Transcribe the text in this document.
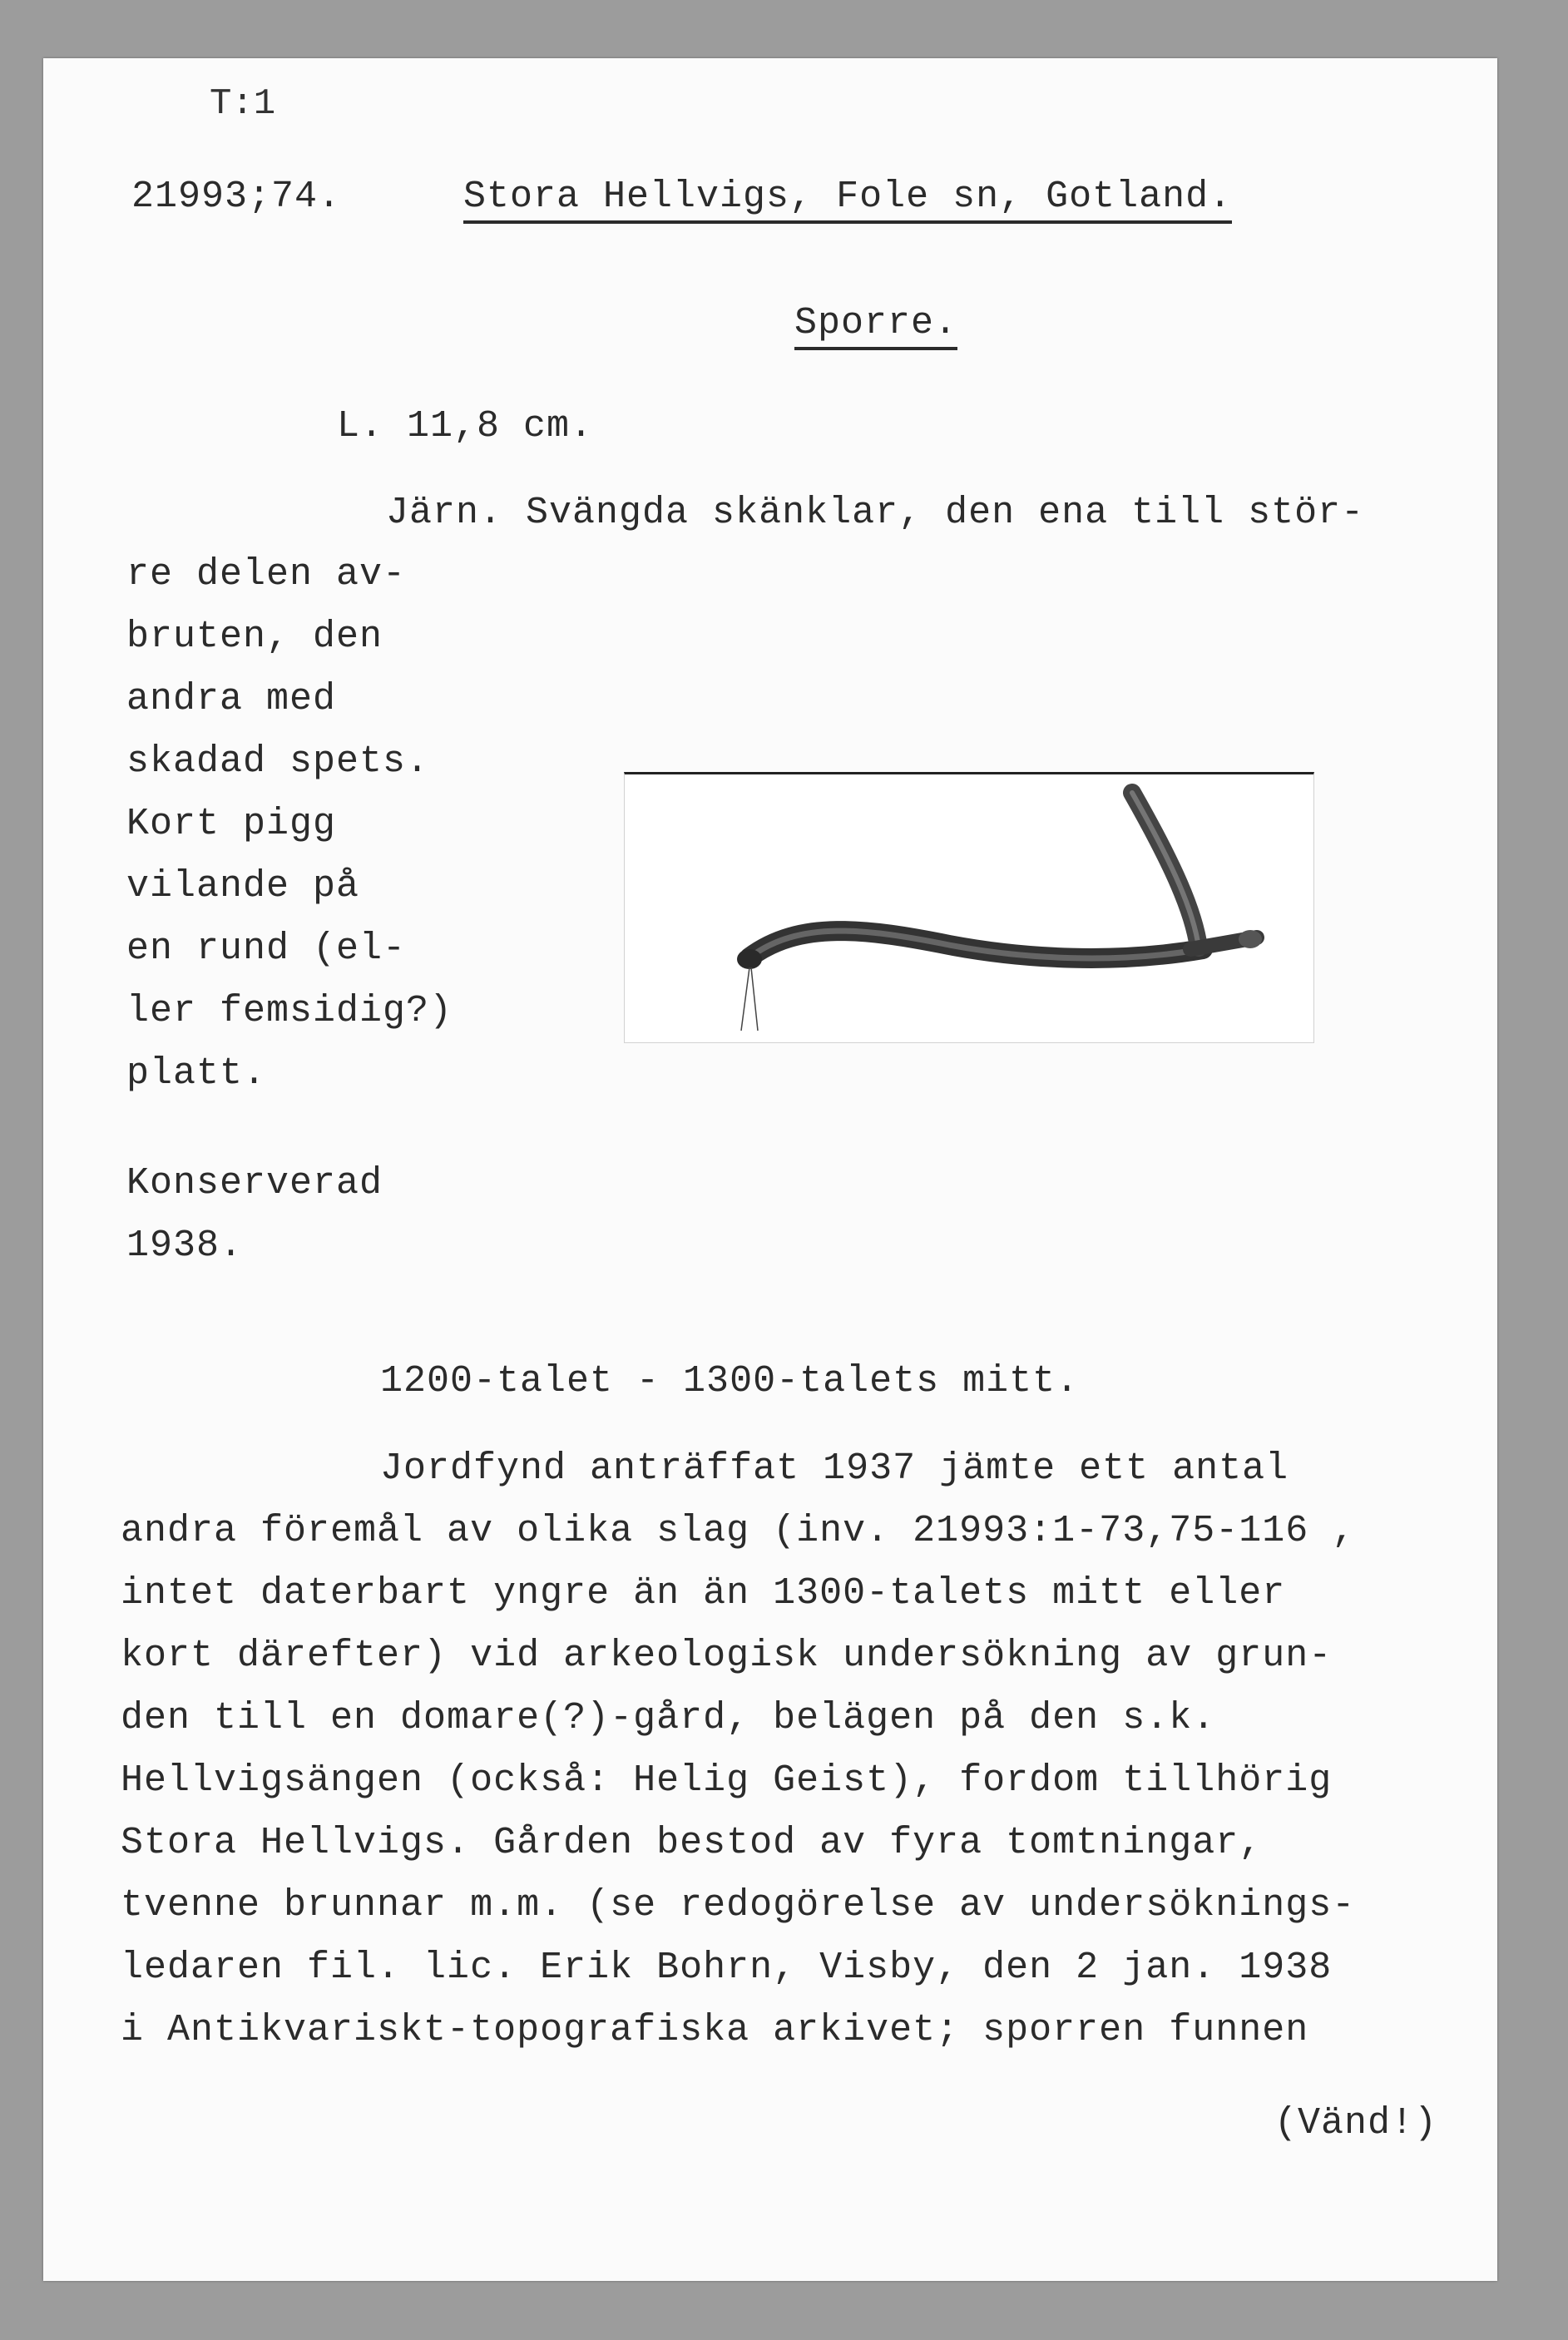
T:1
21993;74.	Stora Hellvigs, Fole sn, Gotland.
Sporre.
L. 11,8 cm.
Järn. Svängda skänklar, den ena till stör-
re delen av-
bruten, den
andra med
skadad spets.
Kort pigg
vilande på
en rund (el-
ler femsidig?)
platt.
Konserverad
1938.
1200-talet - 1300-talets mitt.
Jordfynd anträffat 1937 jämte ett antal
andra föremål av olika slag (inv. 21993:1-73,75-116 ,
intet daterbart yngre än än 1300-talets mitt eller
kort därefter) vid arkeologisk undersökning av grun-
den till en domare(?)-gård, belägen på den s.k.
Hellvigsängen (också: Helig Geist), fordom tillhörig
Stora Hellvigs. Gården bestod av fyra tomtningar,
tvenne brunnar m.m. (se redogörelse av undersöknings-
ledaren fil. lic. Erik Bohrn, Visby, den 2 jan. 1938
i Antikvariskt-topografiska arkivet; sporren funnen
(Vänd!)
